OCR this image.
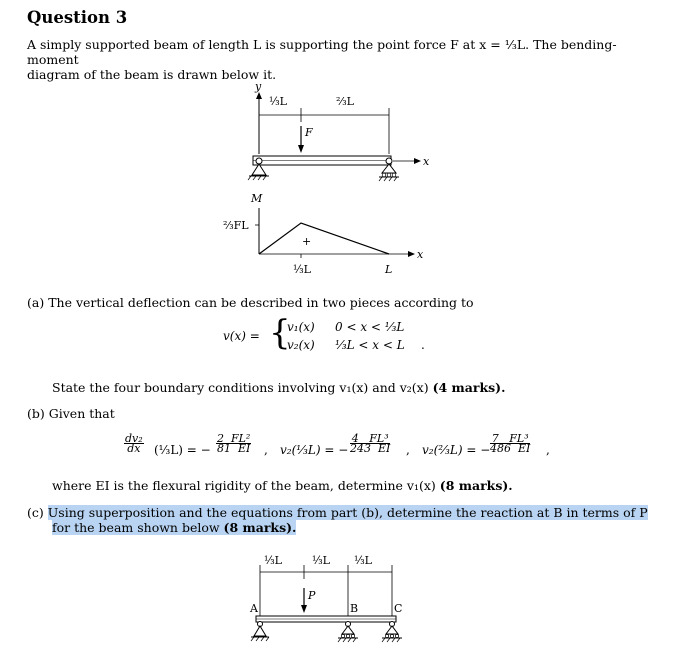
Question 3
A simply supported beam of length L is supporting the point force F at x = ⅓L. The bending-moment
diagram of the beam is drawn below it.
y
⅓L	⅔L
F
x
M
⅔FL
x
+
⅓L	L
(a) The vertical deflection can be described in two pieces according to
v(x) = {
v₁(x) 0 < x < ⅓L
v₂(x) ⅓L < x < L .
State the four boundary conditions involving v₁(x) and v₂(x) (4 marks).
(b) Given that
$\frac{\text{dv₂}}{dx}$ (⅓L) = − $\frac{\text{2  FL²}}{81 EI}$ , v₂(⅓L) = − $\frac{\text{4   FL³}}{243 EI}$ , v₂(⅔L) = − $\frac{\text{7   FL³}}{486 EI}$ ,
where EI is the flexural rigidity of the beam, determine v₁(x) (8 marks).
(c) Using superposition and the equations from part (b), determine the reaction at B in terms of P
for the beam shown below (8 marks).
⅓L	⅓L ⅓L
P
A	B	C
